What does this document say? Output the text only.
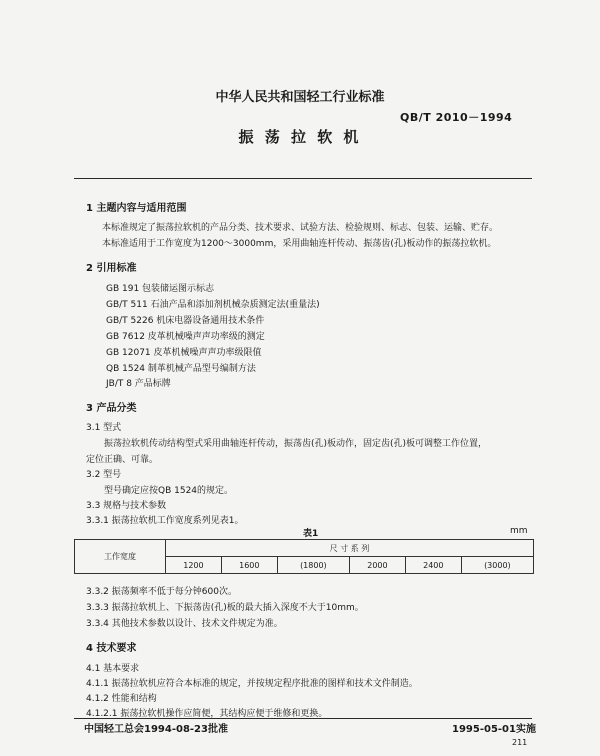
中华人民共和国轻工行业标准
QB/T 2010－1994
振 荡 拉 软 机
1 主题内容与适用范围
本标准规定了振荡拉软机的产品分类、技术要求、试验方法、检验规则、标志、包装、运输、贮存。
本标准适用于工作宽度为1200～3000mm，采用曲轴连杆传动、振荡齿(孔)板动作的振荡拉软机。
2 引用标准
GB 191 包装储运图示标志
GB/T 511 石油产品和添加剂机械杂质测定法(重量法)
GB/T 5226 机床电器设备通用技术条件
GB 7612 皮革机械噪声声功率级的测定
GB 12071 皮革机械噪声声功率级限值
QB 1524 制革机械产品型号编制方法
JB/T 8 产品标牌
3 产品分类
3.1 型式
振荡拉软机传动结构型式采用曲轴连杆传动，振荡齿(孔)板动作，固定齿(孔)板可调整工作位置，
定位正确、可靠。
3.2 型号
型号确定应按QB 1524的规定。
3.3 规格与技术参数
3.3.1 振荡拉软机工作宽度系列见表1。
表1	mm
工作宽度	尺 寸 系 列					
	1200	1600	(1800)	2000	2400	(3000)
3.3.2 振荡频率不低于每分钟600次。
3.3.3 振荡拉软机上、下振荡齿(孔)板的最大插入深度不大于10mm。
3.3.4 其他技术参数以设计、技术文件规定为准。
4 技术要求
4.1 基本要求
4.1.1 振荡拉软机应符合本标准的规定，并按规定程序批准的图样和技术文件制造。
4.1.2 性能和结构
4.1.2.1 振荡拉软机操作应简便，其结构应便于维修和更换。
中国轻工总会1994-08-23批准	1995-05-01实施
211
